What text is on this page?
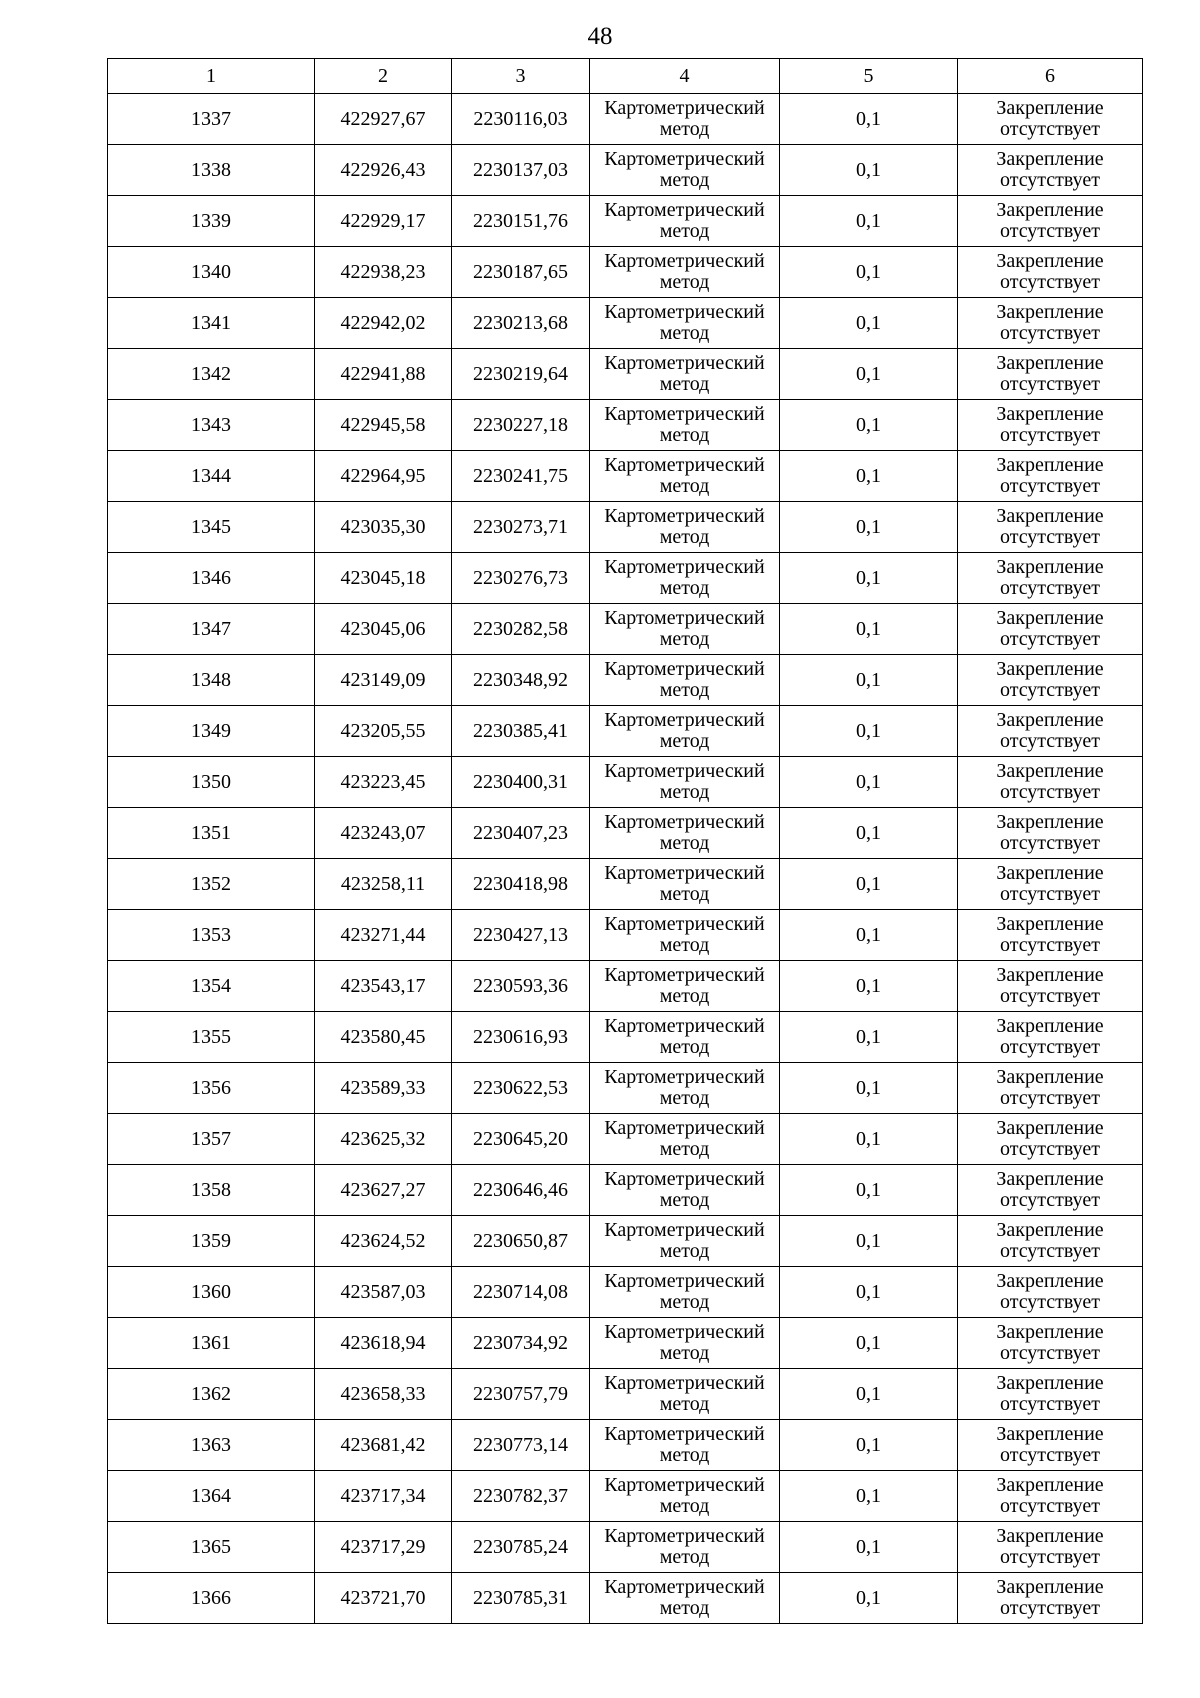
48
1	2	3	4	5	6
1337	422927,67	2230116,03	Картометрический метод	0,1	Закрепление отсутствует
1338	422926,43	2230137,03	Картометрический метод	0,1	Закрепление отсутствует
1339	422929,17	2230151,76	Картометрический метод	0,1	Закрепление отсутствует
1340	422938,23	2230187,65	Картометрический метод	0,1	Закрепление отсутствует
1341	422942,02	2230213,68	Картометрический метод	0,1	Закрепление отсутствует
1342	422941,88	2230219,64	Картометрический метод	0,1	Закрепление отсутствует
1343	422945,58	2230227,18	Картометрический метод	0,1	Закрепление отсутствует
1344	422964,95	2230241,75	Картометрический метод	0,1	Закрепление отсутствует
1345	423035,30	2230273,71	Картометрический метод	0,1	Закрепление отсутствует
1346	423045,18	2230276,73	Картометрический метод	0,1	Закрепление отсутствует
1347	423045,06	2230282,58	Картометрический метод	0,1	Закрепление отсутствует
1348	423149,09	2230348,92	Картометрический метод	0,1	Закрепление отсутствует
1349	423205,55	2230385,41	Картометрический метод	0,1	Закрепление отсутствует
1350	423223,45	2230400,31	Картометрический метод	0,1	Закрепление отсутствует
1351	423243,07	2230407,23	Картометрический метод	0,1	Закрепление отсутствует
1352	423258,11	2230418,98	Картометрический метод	0,1	Закрепление отсутствует
1353	423271,44	2230427,13	Картометрический метод	0,1	Закрепление отсутствует
1354	423543,17	2230593,36	Картометрический метод	0,1	Закрепление отсутствует
1355	423580,45	2230616,93	Картометрический метод	0,1	Закрепление отсутствует
1356	423589,33	2230622,53	Картометрический метод	0,1	Закрепление отсутствует
1357	423625,32	2230645,20	Картометрический метод	0,1	Закрепление отсутствует
1358	423627,27	2230646,46	Картометрический метод	0,1	Закрепление отсутствует
1359	423624,52	2230650,87	Картометрический метод	0,1	Закрепление отсутствует
1360	423587,03	2230714,08	Картометрический метод	0,1	Закрепление отсутствует
1361	423618,94	2230734,92	Картометрический метод	0,1	Закрепление отсутствует
1362	423658,33	2230757,79	Картометрический метод	0,1	Закрепление отсутствует
1363	423681,42	2230773,14	Картометрический метод	0,1	Закрепление отсутствует
1364	423717,34	2230782,37	Картометрический метод	0,1	Закрепление отсутствует
1365	423717,29	2230785,24	Картометрический метод	0,1	Закрепление отсутствует
1366	423721,70	2230785,31	Картометрический метод	0,1	Закрепление отсутствует
